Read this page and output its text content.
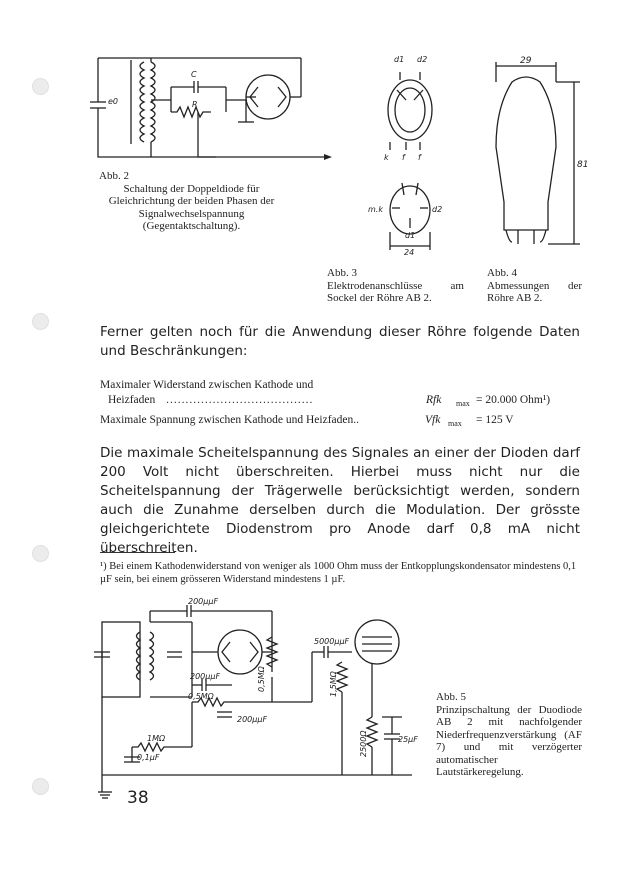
e0
C
R
Abb. 2
Schaltung der Doppeldiode für Gleichrichtung der beiden Phasen der Signalwechselspannung (Gegentaktschaltung).
d1 d2
k f f
m.k	d2
d1
24
Abb. 3
Elektrodenanschlüsse am Sockel der Röhre AB 2.
29
81
Abb. 4
Abmessungen der Röhre AB 2.
Ferner gelten noch für die Anwendung dieser Röhre folgende Daten und Beschränkungen:
Maximaler Widerstand zwischen Kathode und
Heizfaden ......................................	Rfk max = 20.000 Ohm¹)
Maximale Spannung zwischen Kathode und Heizfaden..	Vfk max = 125 V
Die maximale Scheitelspannung des Signales an einer der Dioden darf 200 Volt nicht überschreiten. Hierbei muss nicht nur die Scheitelspannung der Trägerwelle berücksichtigt werden, sondern auch die Zunahme derselben durch die Modulation. Der grösste gleichgerichtete Diodenstrom pro Anode darf 0,8 mA nicht überschreiten.
¹) Bei einem Kathodenwiderstand von weniger als 1000 Ohm muss der Entkopplungskondensator mindestens 0,1 µF sein, bei einem grösseren Widerstand mindestens 1 µF.
200µµF
200µµF
200µµF
0,5MΩ
0,5MΩ
5000µµF
1,5MΩ
2500Ω	25µF
1MΩ
0,1µF
Abb. 5
Prinzipschaltung der Duodiode AB 2 mit nachfolgender Niederfrequenzverstärkung (AF 7) und mit verzögerter automatischer Lautstärkeregelung.
38
